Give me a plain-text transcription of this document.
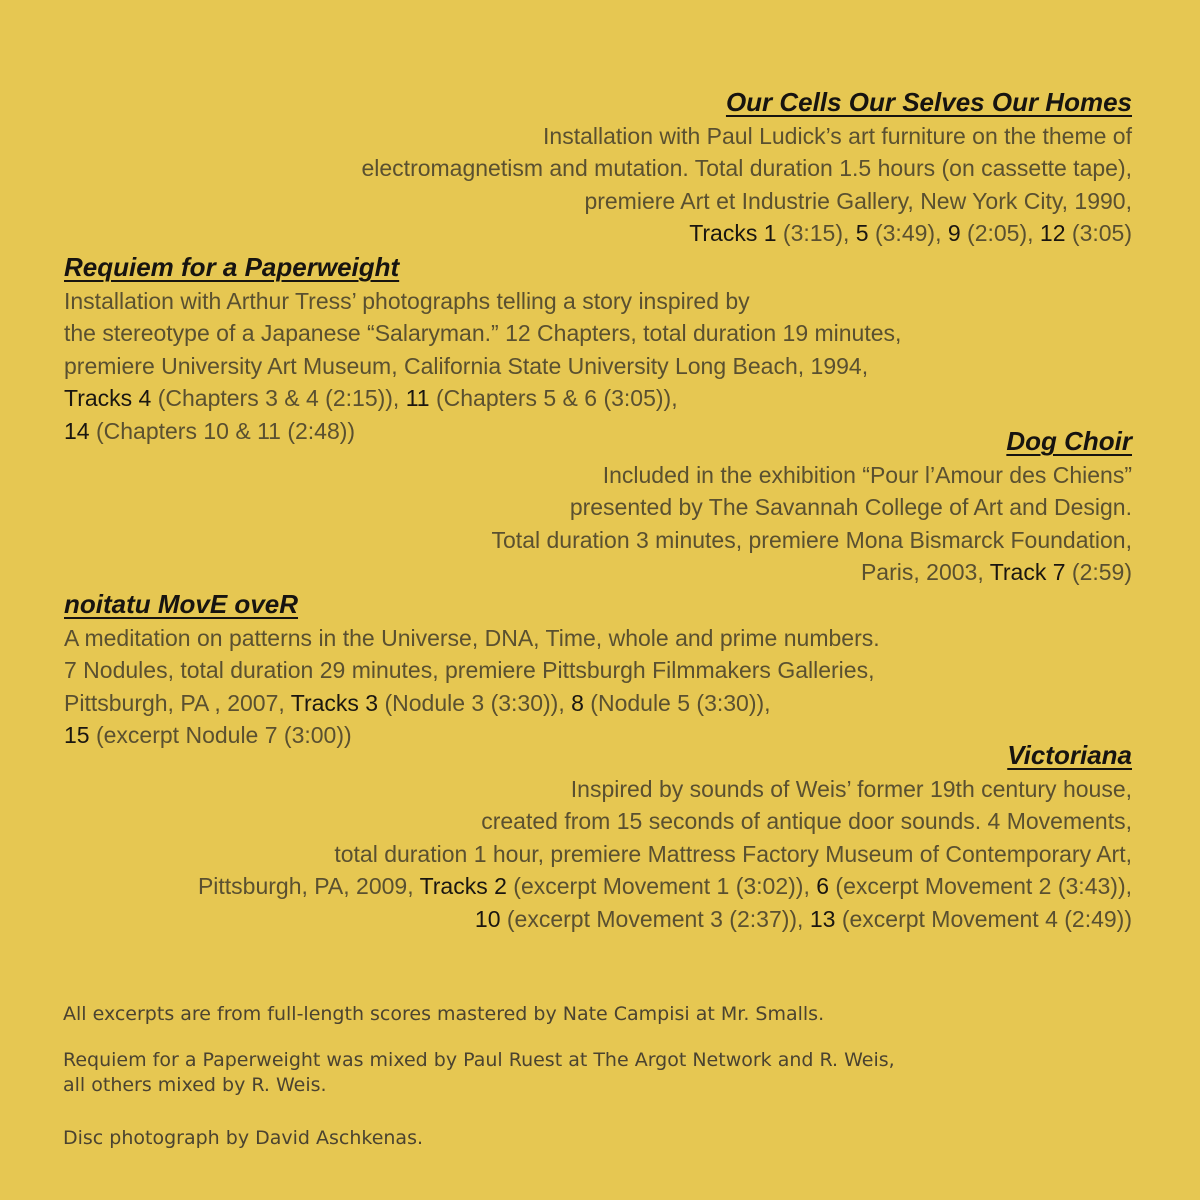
Our Cells Our Selves Our Homes
Installation with Paul Ludick’s art furniture on the theme of
electromagnetism and mutation. Total duration 1.5 hours (on cassette tape),
premiere Art et Industrie Gallery, New York City, 1990,
Tracks 1 (3:15), 5 (3:49), 9 (2:05), 12 (3:05)
Requiem for a Paperweight
Installation with Arthur Tress’ photographs telling a story inspired by
the stereotype of a Japanese “Salaryman.” 12 Chapters, total duration 19 minutes,
premiere University Art Museum, California State University Long Beach, 1994,
Tracks 4 (Chapters 3 & 4 (2:15)), 11 (Chapters 5 & 6 (3:05)),
14 (Chapters 10 & 11 (2:48))	Dog Choir
Included in the exhibition “Pour l’Amour des Chiens”
presented by The Savannah College of Art and Design.
Total duration 3 minutes, premiere Mona Bismarck Foundation,
Paris, 2003, Track 7 (2:59)
noitatu MovE oveR
A meditation on patterns in the Universe, DNA, Time, whole and prime numbers.
7 Nodules, total duration 29 minutes, premiere Pittsburgh Filmmakers Galleries,
Pittsburgh, PA , 2007, Tracks 3 (Nodule 3 (3:30)), 8 (Nodule 5 (3:30)),
15 (excerpt Nodule 7 (3:00))
Victoriana
Inspired by sounds of Weis’ former 19th century house,
created from 15 seconds of antique door sounds. 4 Movements,
total duration 1 hour, premiere Mattress Factory Museum of Contemporary Art,
Pittsburgh, PA, 2009, Tracks 2 (excerpt Movement 1 (3:02)), 6 (excerpt Movement 2 (3:43)),
10 (excerpt Movement 3 (2:37)), 13 (excerpt Movement 4 (2:49))

All excerpts are from full-length scores mastered by Nate Campisi at Mr. Smalls.

Requiem for a Paperweight was mixed by Paul Ruest at The Argot Network and R. Weis,

all others mixed by R. Weis.

Disc photograph by David Aschkenas.
